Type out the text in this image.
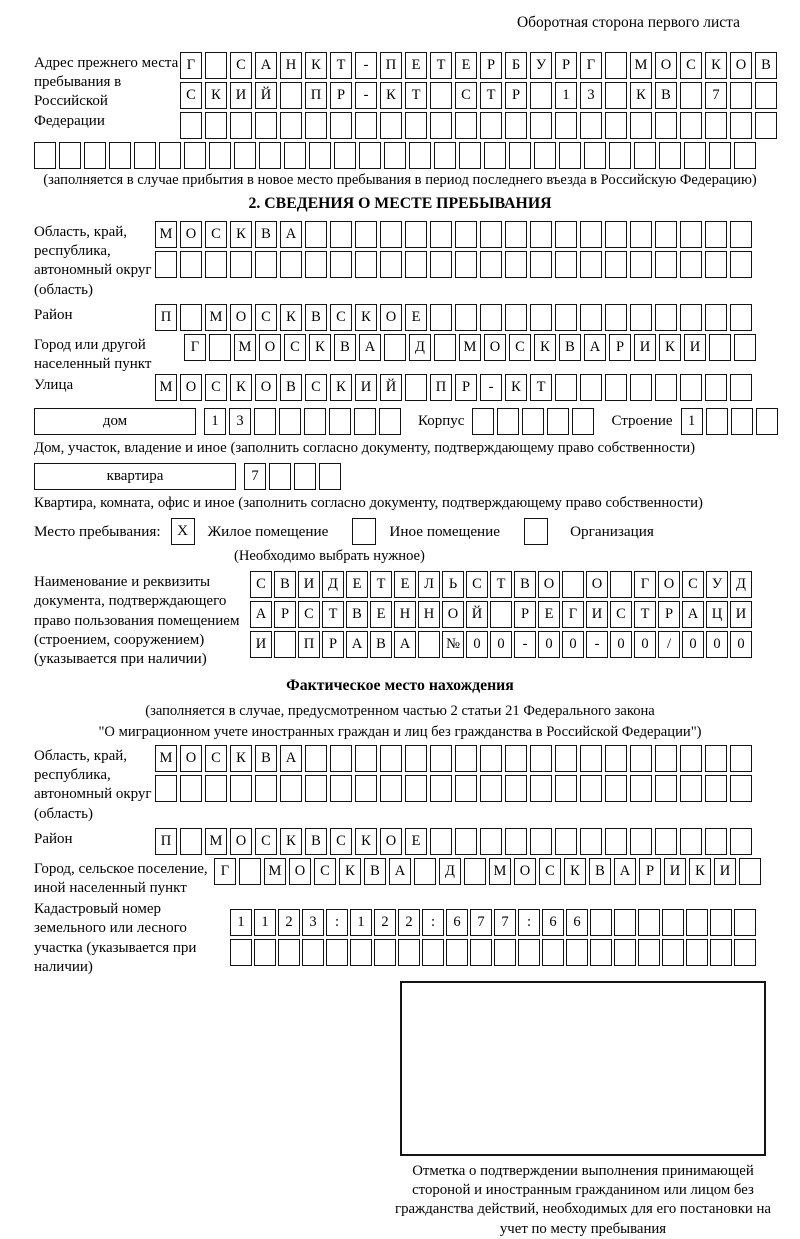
Оборотная сторона первого листа
Адрес прежнего места пребывания в Российской Федерации
Г	С	А	Н	К	Т	-	П	Е	Т	Е	Р	Б	У	Р	Г	М О	С	К	О	В
С	К	И	Й	П	Р	-	К	Т	С	Т	Р	1	3	К	В	7
(заполняется в случае прибытия в новое место пребывания в период последнего въезда в Российскую Федерацию)
2. СВЕДЕНИЯ О МЕСТЕ ПРЕБЫВАНИЯ
Область, край, республика, автономный округ (область)
М О	С	К	В	А
Район	П	М О	С	К	В	С	К	О	Е
Город или другой населенный пункт
Г	М О	С	К	В	А	Д	М О	С	К	В	А	Р	И	К	И
Улица	М О	С	К	О	В	С	К	И	Й	П	Р	-	К	Т
дом	1	3	Корпус	Строение	1
Дом, участок, владение и иное (заполнить согласно документу, подтверждающему право собственности)
квартира	7
Квартира, комната, офис и иное (заполнить согласно документу, подтверждающему право собственности)
Место пребывания:	X	Жилое помещение	Иное помещение	Организация
(Необходимо выбрать нужное)
Наименование и реквизиты документа, подтверждающего право пользования помещением (строением, сооружением) (указывается при наличии)
С В И Д	Е	Т	Е	Л	Ь	С	Т	В О	О	Г	О С У Д
А	Р	С	Т	В	Е Н Н О Й	Р	Е	Г	И С	Т	Р	А Ц И
И	П	Р	А В А	№ 0	0	-	0	0	-	0	0	/	0	0	0
Фактическое место нахождения
(заполняется в случае, предусмотренном частью 2 статьи 21 Федерального закона
"О миграционном учете иностранных граждан и лиц без гражданства в Российской Федерации")
Область, край, республика, автономный округ (область)
М О	С	К	В	А
Район	П	М О	С	К	В	С	К	О	Е
Город, сельское поселение, иной населенный пункт
Г	М О	С	К	В	А	Д	М О	С	К	В	А	Р	И	К	И
Кадастровый номер земельного или лесного участка (указывается при наличии)
1	1	2	3	:	1	2	2	:	6	7	7	:	6	6
Отметка о подтверждении выполнения принимающей стороной и иностранным гражданином или лицом без гражданства действий, необходимых для его постановки на учет по месту пребывания
